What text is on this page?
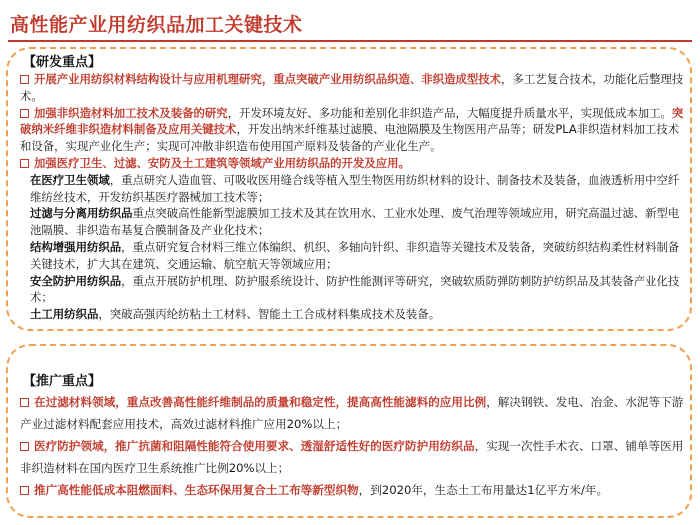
高性能产业用纺织品加工关键技术
【研发重点】

开展产业用纺织材料结构设计与应用机理研究，重点突破产业用纺织品织造、非织造成型技术，多工艺复合技术，功能化后整理技术。

加强非织造材料加工技术及装备的研究，开发环境友好、多功能和差别化非织造产品，大幅度提升质量水平，实现低成本加工。突破纳米纤维非织造材料制备及应用关键技术，开发出纳米纤维基过滤膜、电池隔膜及生物医用产品等；研发PLA非织造材料加工技术和设备，实现产业化生产；实现可冲散非织造布使用国产原料及装备的产业化生产。

加强医疗卫生、过滤、安防及土工建筑等领域产业用纺织品的开发及应用。

在医疗卫生领域，重点研究人造血管、可吸收医用缝合线等植入型生物医用纺织材料的设计、制备技术及装备，血液透析用中空纤维纺丝技术，开发纺织基医疗器械加工技术等；

过滤与分离用纺织品重点突破高性能新型滤膜加工技术及其在饮用水、工业水处理、废气治理等领域应用，研究高温过滤、新型电池隔膜、非织造布基复合膜制备及产业化技术；

结构增强用纺织品，重点研究复合材料三维立体编织、机织、多轴向针织、非织造等关键技术及装备，突破纺织结构柔性材料制备关键技术，扩大其在建筑、交通运输、航空航天等领域应用；

安全防护用纺织品，重点开展防护机理、防护服系统设计、防护性能测评等研究，突破软质防弹防刺防护纺织品及其装备产业化技术；

土工用纺织品，突破高强丙纶纺粘土工材料、智能土工合成材料集成技术及装备。

【推广重点】

在过滤材料领域，重点改善高性能纤维制品的质量和稳定性，提高高性能滤料的应用比例，解决钢铁、发电、冶金、水泥等下游产业过滤材料配套应用技术，高效过滤材料推广应用20%以上；

医疗防护领域，推广抗菌和阻隔性能符合使用要求、透湿舒适性好的医疗防护用纺织品，实现一次性手术衣、口罩、铺单等医用非织造材料在国内医疗卫生系统推广比例20%以上；

推广高性能低成本阻燃面料、生态环保用复合土工布等新型织物，到2020年，生态土工布用量达1亿平方米/年。
